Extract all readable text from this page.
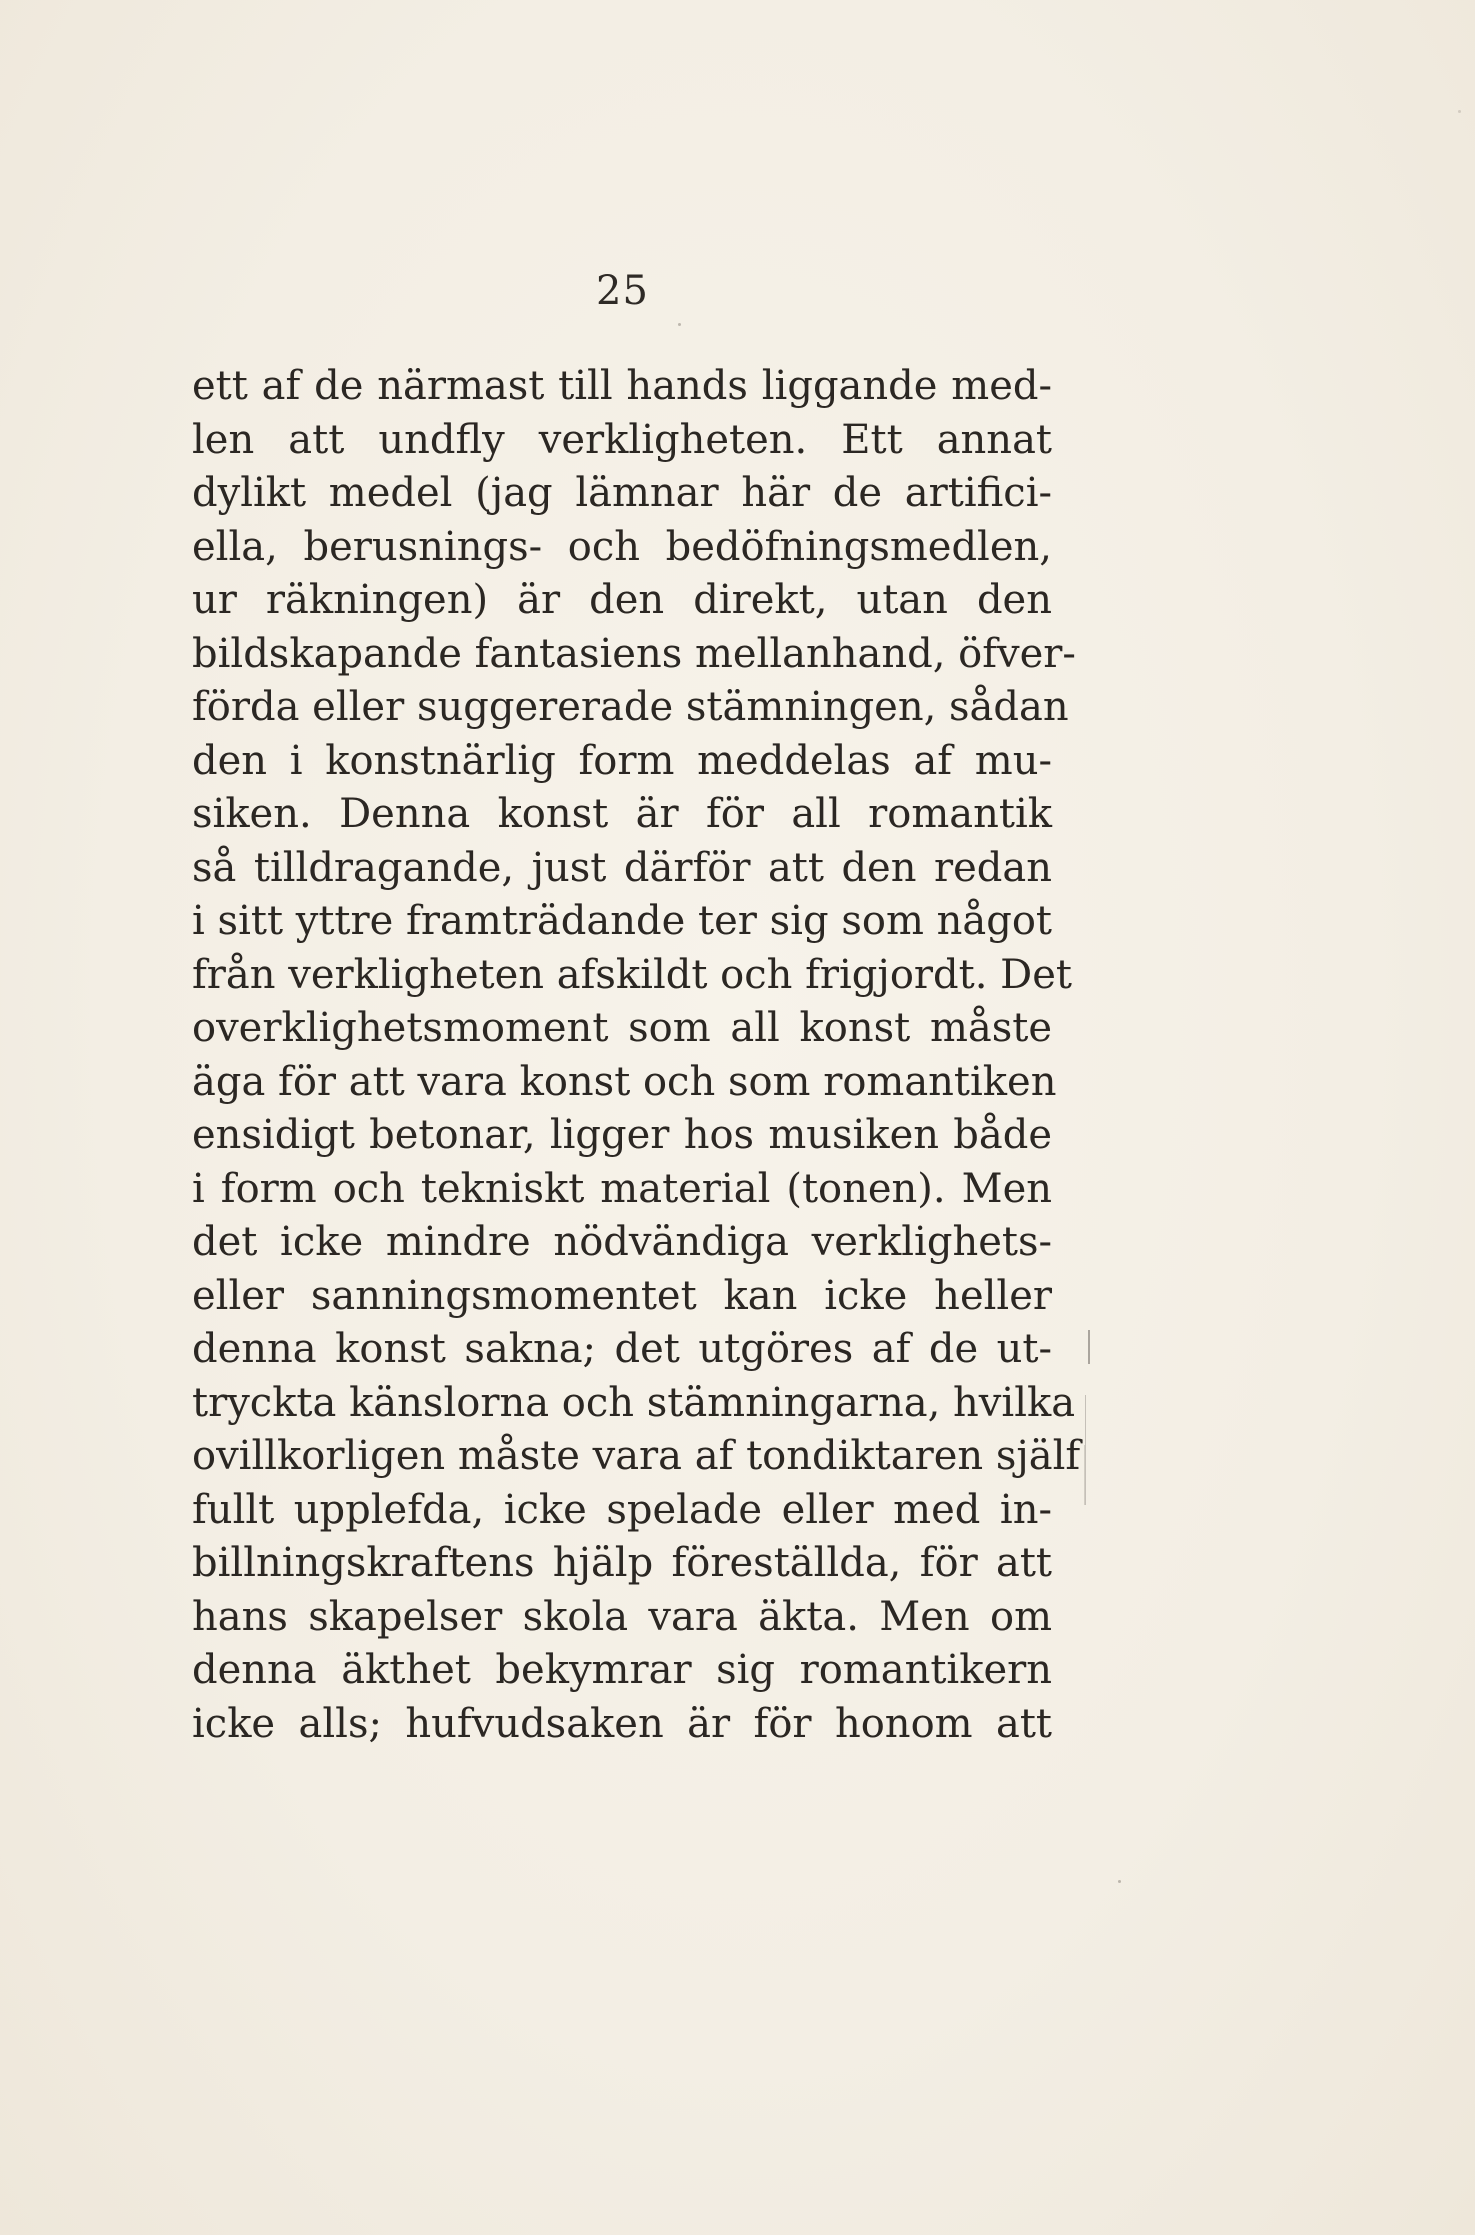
25
ett af de närmast till hands liggande med-
len att undfly verkligheten. Ett annat
dylikt medel (jag lämnar här de artifici-
ella, berusnings- och bedöfningsmedlen,
ur räkningen) är den direkt, utan den
bildskapande fantasiens mellanhand, öfver-
förda eller suggererade stämningen, sådan
den i konstnärlig form meddelas af mu-
siken. Denna konst är för all romantik
så tilldragande, just därför att den redan
i sitt yttre framträdande ter sig som något
från verkligheten afskildt och frigjordt. Det
overklighetsmoment som all konst måste
äga för att vara konst och som romantiken
ensidigt betonar, ligger hos musiken både
i form och tekniskt material (tonen). Men
det icke mindre nödvändiga verklighets-
eller sanningsmomentet kan icke heller
denna konst sakna; det utgöres af de ut-
tryckta känslorna och stämningarna, hvilka
ovillkorligen måste vara af tondiktaren själf
fullt upplefda, icke spelade eller med in-
billningskraftens hjälp föreställda, för att
hans skapelser skola vara äkta. Men om
denna äkthet bekymrar sig romantikern
icke alls; hufvudsaken är för honom att
